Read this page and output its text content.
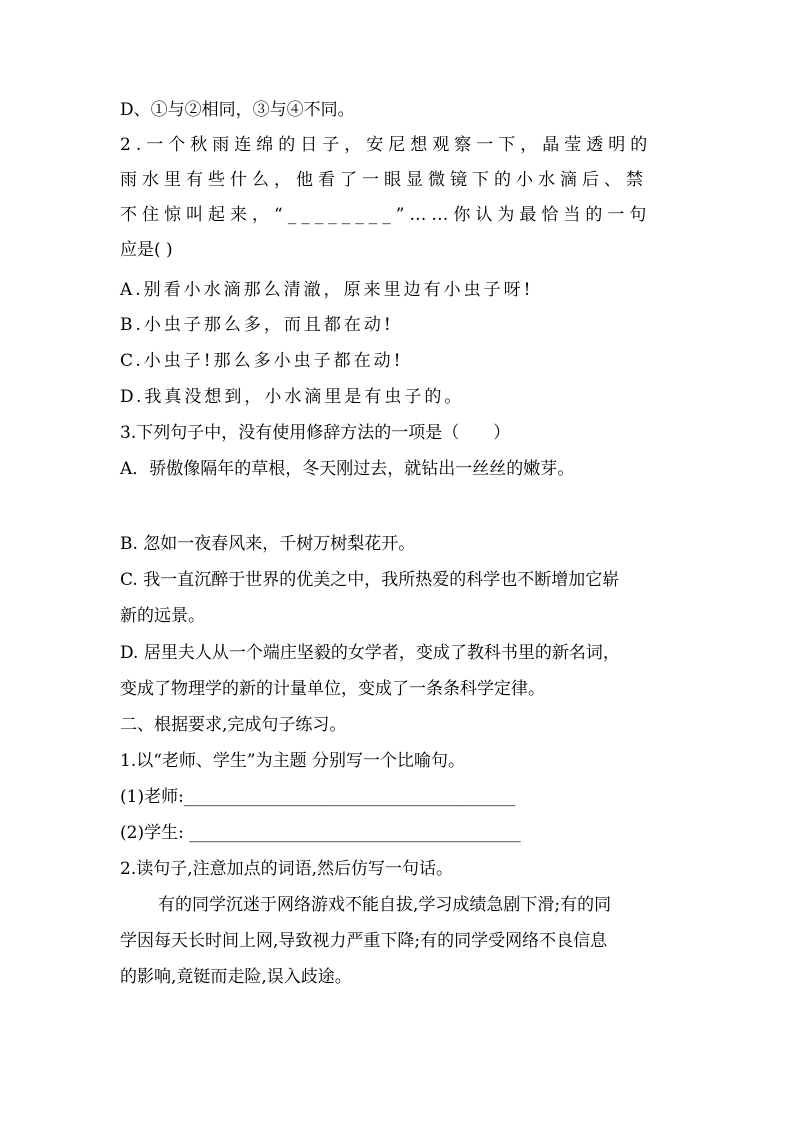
D、①与②相同，③与④不同。

2.一个秋雨连绵的日子，安尼想观察一下，晶莹透明的

雨水里有些什么，他看了一眼显微镜下的小水滴后、禁

不住惊叫起来，“________”……你认为最恰当的一句

应是( )

A.别看小水滴那么清澈，原来里边有小虫子呀!

B.小虫子那么多，而且都在动!

C.小虫子!那么多小虫子都在动!

D.我真没想到，小水滴里是有虫子的。

3.下列句子中，没有使用修辞方法的一项是（　　）

A．骄傲像隔年的草根，冬天刚过去，就钻出一丝丝的嫩芽。

B. 忽如一夜春风来，千树万树梨花开。

C. 我一直沉醉于世界的优美之中，我所热爱的科学也不断增加它崭

新的远景。

D. 居里夫人从一个端庄坚毅的女学者，变成了教科书里的新名词，

变成了物理学的新的计量单位，变成了一条条科学定律。

二、根据要求,完成句子练习。

1.以“老师、学生”为主题 分别写一个比喻句。

(1)老师:_______________________________________

(2)学生: _______________________________________

2.读句子,注意加点的词语,然后仿写一句话。

有的同学沉迷于网络游戏不能自拔,学习成绩急剧下滑;有的同

学因每天长时间上网,导致视力严重下降;有的同学受网络不良信息

的影响,竟铤而走险,误入歧途。
